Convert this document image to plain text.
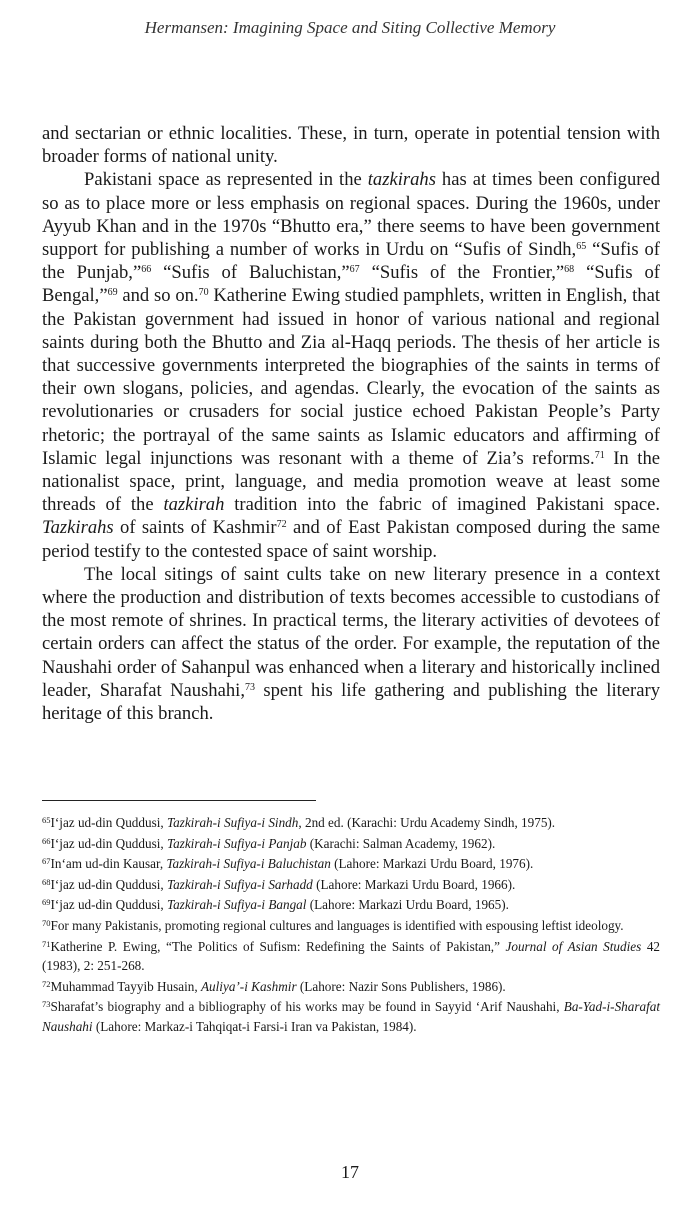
Hermansen: Imagining Space and Siting Collective Memory

and sectarian or ethnic localities. These, in turn, operate in potential tension with broader forms of national unity.

Pakistani space as represented in the tazkirahs has at times been configured so as to place more or less emphasis on regional spaces. During the 1960s, under Ayyub Khan and in the 1970s “Bhutto era,” there seems to have been government support for publishing a number of works in Urdu on “Sufis of Sindh,$^{65}$ “Sufis of the Punjab,”$^{66}$ “Sufis of Baluchistan,”$^{67}$ “Sufis of the Frontier,”$^{68}$ “Sufis of Bengal,”$^{69}$ and so on.$^{70}$ Katherine Ewing studied pamphlets, written in English, that the Pakistan government had issued in honor of various national and regional saints during both the Bhutto and Zia al-Haqq periods. The thesis of her article is that successive governments interpreted the biographies of the saints in terms of their own slogans, policies, and agendas. Clearly, the evocation of the saints as revolutionaries or crusaders for social justice echoed Pakistan People’s Party rhetoric; the portrayal of the same saints as Islamic educators and affirming of Islamic legal injunctions was resonant with a theme of Zia’s reforms.$^{71}$ In the nationalist space, print, language, and media promotion weave at least some threads of the tazkirah tradition into the fabric of imagined Pakistani space. Tazkirahs of saints of Kashmir$^{72}$ and of East Pakistan composed during the same period testify to the contested space of saint worship.

The local sitings of saint cults take on new literary presence in a context where the production and distribution of texts becomes accessible to custodians of the most remote of shrines. In practical terms, the literary activities of devotees of certain orders can affect the status of the order. For example, the reputation of the Naushahi order of Sahanpul was enhanced when a literary and historically inclined leader, Sharafat Naushahi,$^{73}$ spent his life gathering and publishing the literary heritage of this branch.

$^{65}$I‘jaz ud-din Quddusi, Tazkirah-i Sufiya-i Sindh, 2nd ed. (Karachi: Urdu Academy Sindh, 1975).
$^{66}$I‘jaz ud-din Quddusi, Tazkirah-i Sufiya-i Panjab (Karachi: Salman Academy, 1962).
$^{67}$In‘am ud-din Kausar, Tazkirah-i Sufiya-i Baluchistan (Lahore: Markazi Urdu Board, 1976).
$^{68}$I‘jaz ud-din Quddusi, Tazkirah-i Sufiya-i Sarhadd (Lahore: Markazi Urdu Board, 1966).
$^{69}$I‘jaz ud-din Quddusi, Tazkirah-i Sufiya-i Bangal (Lahore: Markazi Urdu Board, 1965).
$^{70}$For many Pakistanis, promoting regional cultures and languages is identified with espousing leftist ideology.
$^{71}$Katherine P. Ewing, “The Politics of Sufism: Redefining the Saints of Pakistan,” Journal of Asian Studies 42 (1983), 2: 251-268.
$^{72}$Muhammad Tayyib Husain, Auliya’-i Kashmir (Lahore: Nazir Sons Publishers, 1986).
$^{73}$Sharafat’s biography and a bibliography of his works may be found in Sayyid ‘Arif Naushahi, Ba-Yad-i-Sharafat Naushahi (Lahore: Markaz-i Tahqiqat-i Farsi-i Iran va Pakistan, 1984).
17
